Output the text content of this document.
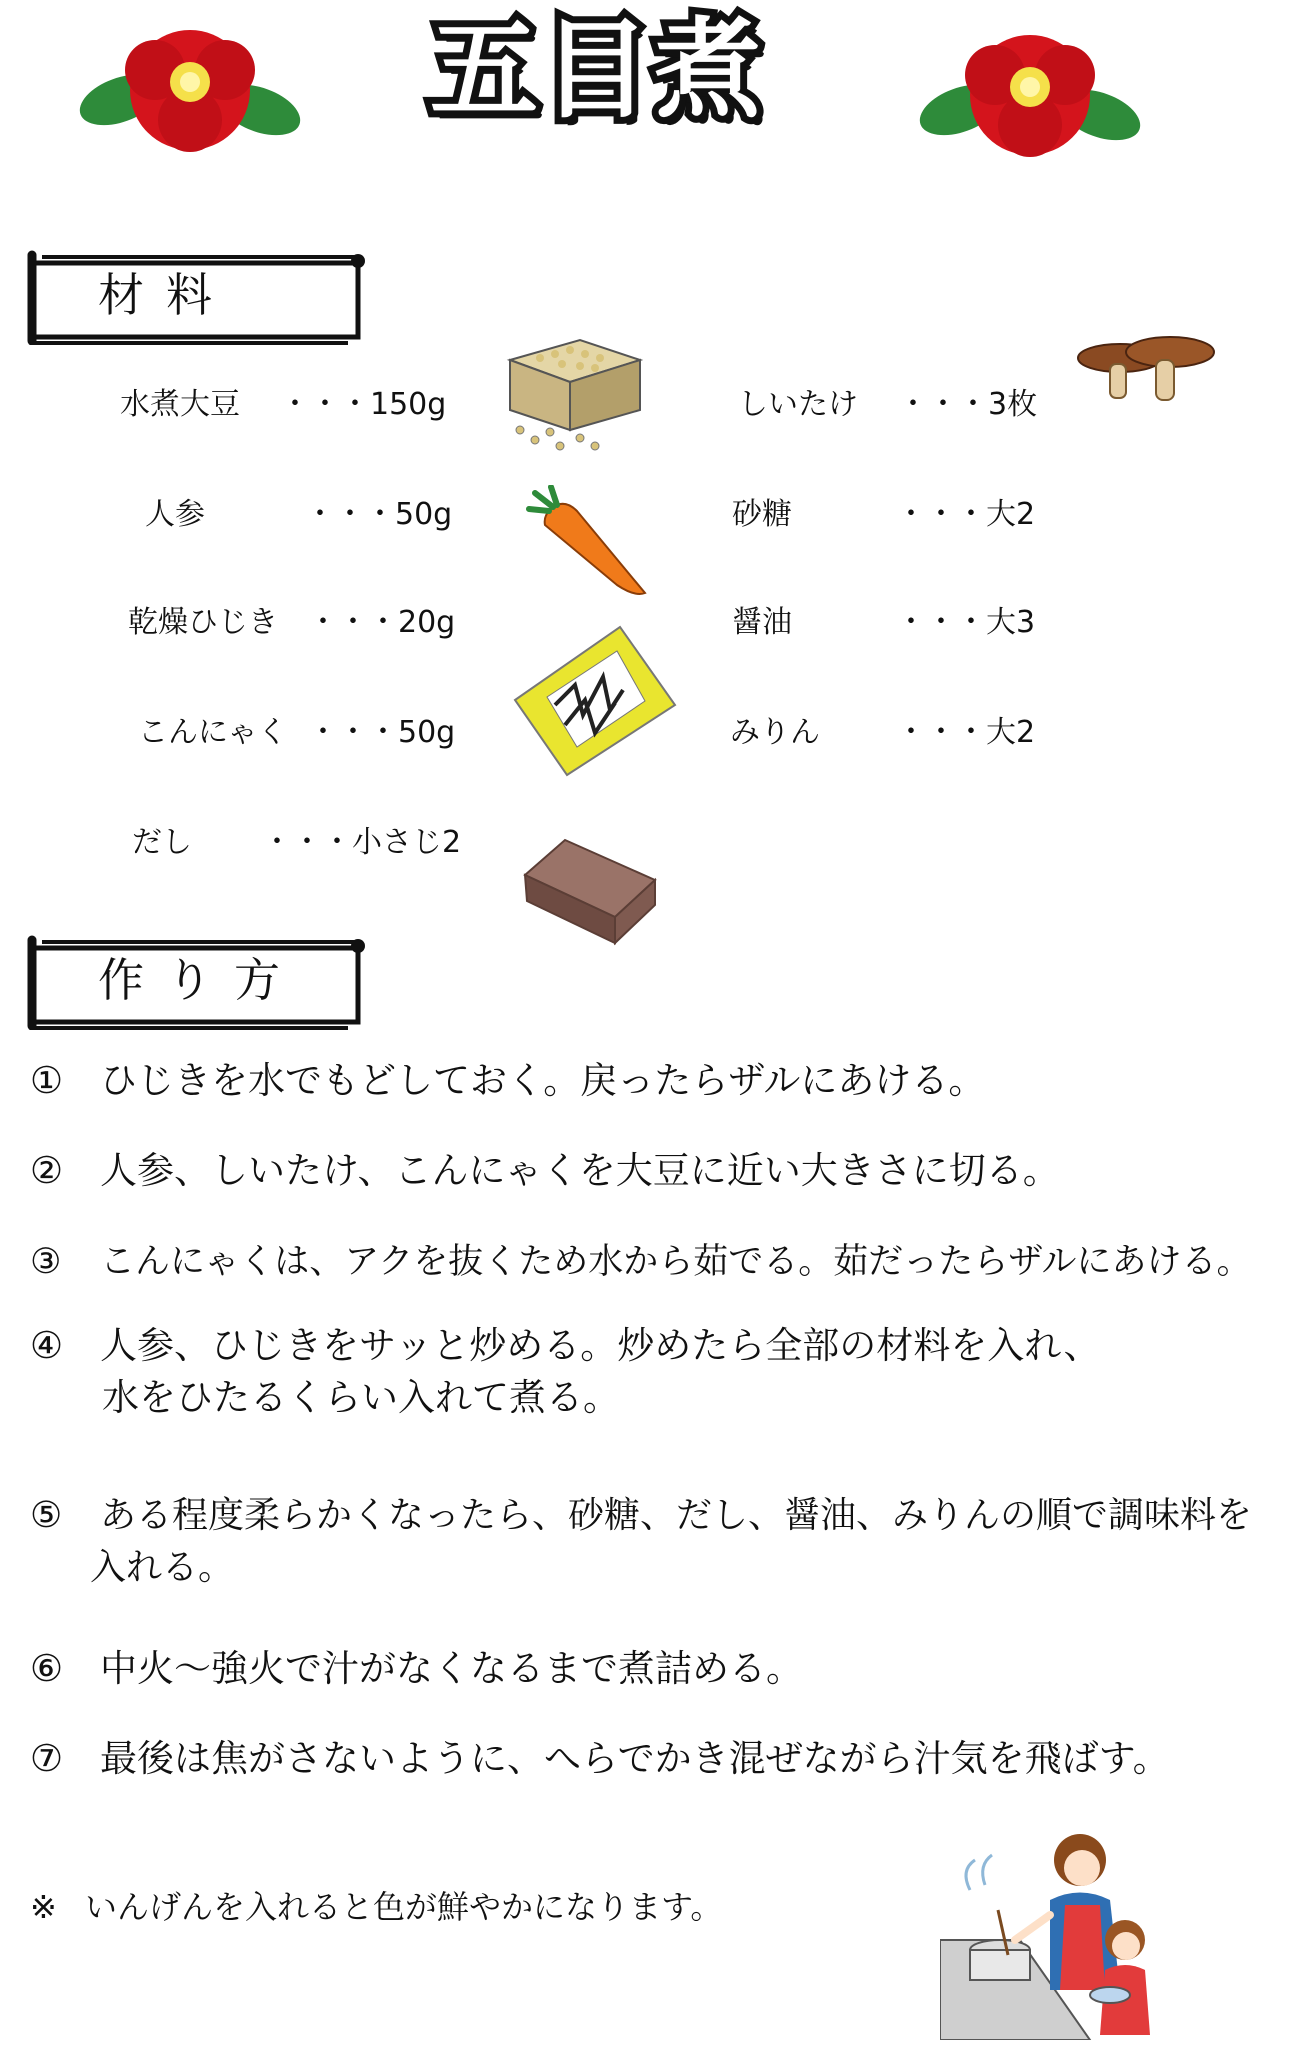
五目煮
材料
水煮大豆 ・・・150g
人参	・・・50g
乾燥ひじき ・・・20g
こんにゃく ・・・50g
だし ・・・小さじ2
しいたけ ・・・3枚
砂糖	・・・大2
醤油	・・・大3
みりん	・・・大2
作り方
① ひじきを水でもどしておく。戻ったらザルにあける。
② 人参、しいたけ、こんにゃくを大豆に近い大きさに切る。
③ こんにゃくは、アクを抜くため水から茹でる。茹だったらザルにあける。
④ 人参、ひじきをサッと炒める。炒めたら全部の材料を入れ、
水をひたるくらい入れて煮る。
⑤ ある程度柔らかくなったら、砂糖、だし、醤油、みりんの順で調味料を
入れる。
⑥ 中火～強火で汁がなくなるまで煮詰める。
⑦ 最後は焦がさないように、へらでかき混ぜながら汁気を飛ばす。
※ いんげんを入れると色が鮮やかになります。
